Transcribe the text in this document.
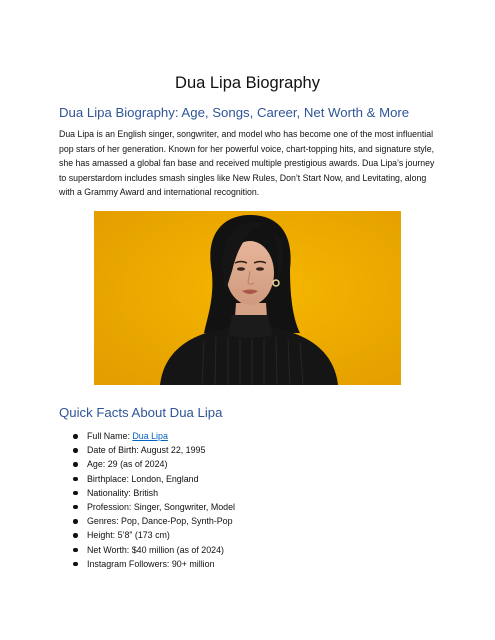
Dua Lipa Biography
Dua Lipa Biography: Age, Songs, Career, Net Worth & More

Dua Lipa is an English singer, songwriter, and model who has become one of the most influential pop stars of her generation. Known for her powerful voice, chart-topping hits, and signature style, she has amassed a global fan base and received multiple prestigious awards. Dua Lipa’s journey to superstardom includes smash singles like New Rules, Don’t Start Now, and Levitating, along with a Grammy Award and international recognition.

Quick Facts About Dua Lipa
Full Name: Dua Lipa
Date of Birth: August 22, 1995
Age: 29 (as of 2024)
Birthplace: London, England
Nationality: British
Profession: Singer, Songwriter, Model
Genres: Pop, Dance-Pop, Synth-Pop
Height: 5’8” (173 cm)
Net Worth: $40 million (as of 2024)
Instagram Followers: 90+ million
